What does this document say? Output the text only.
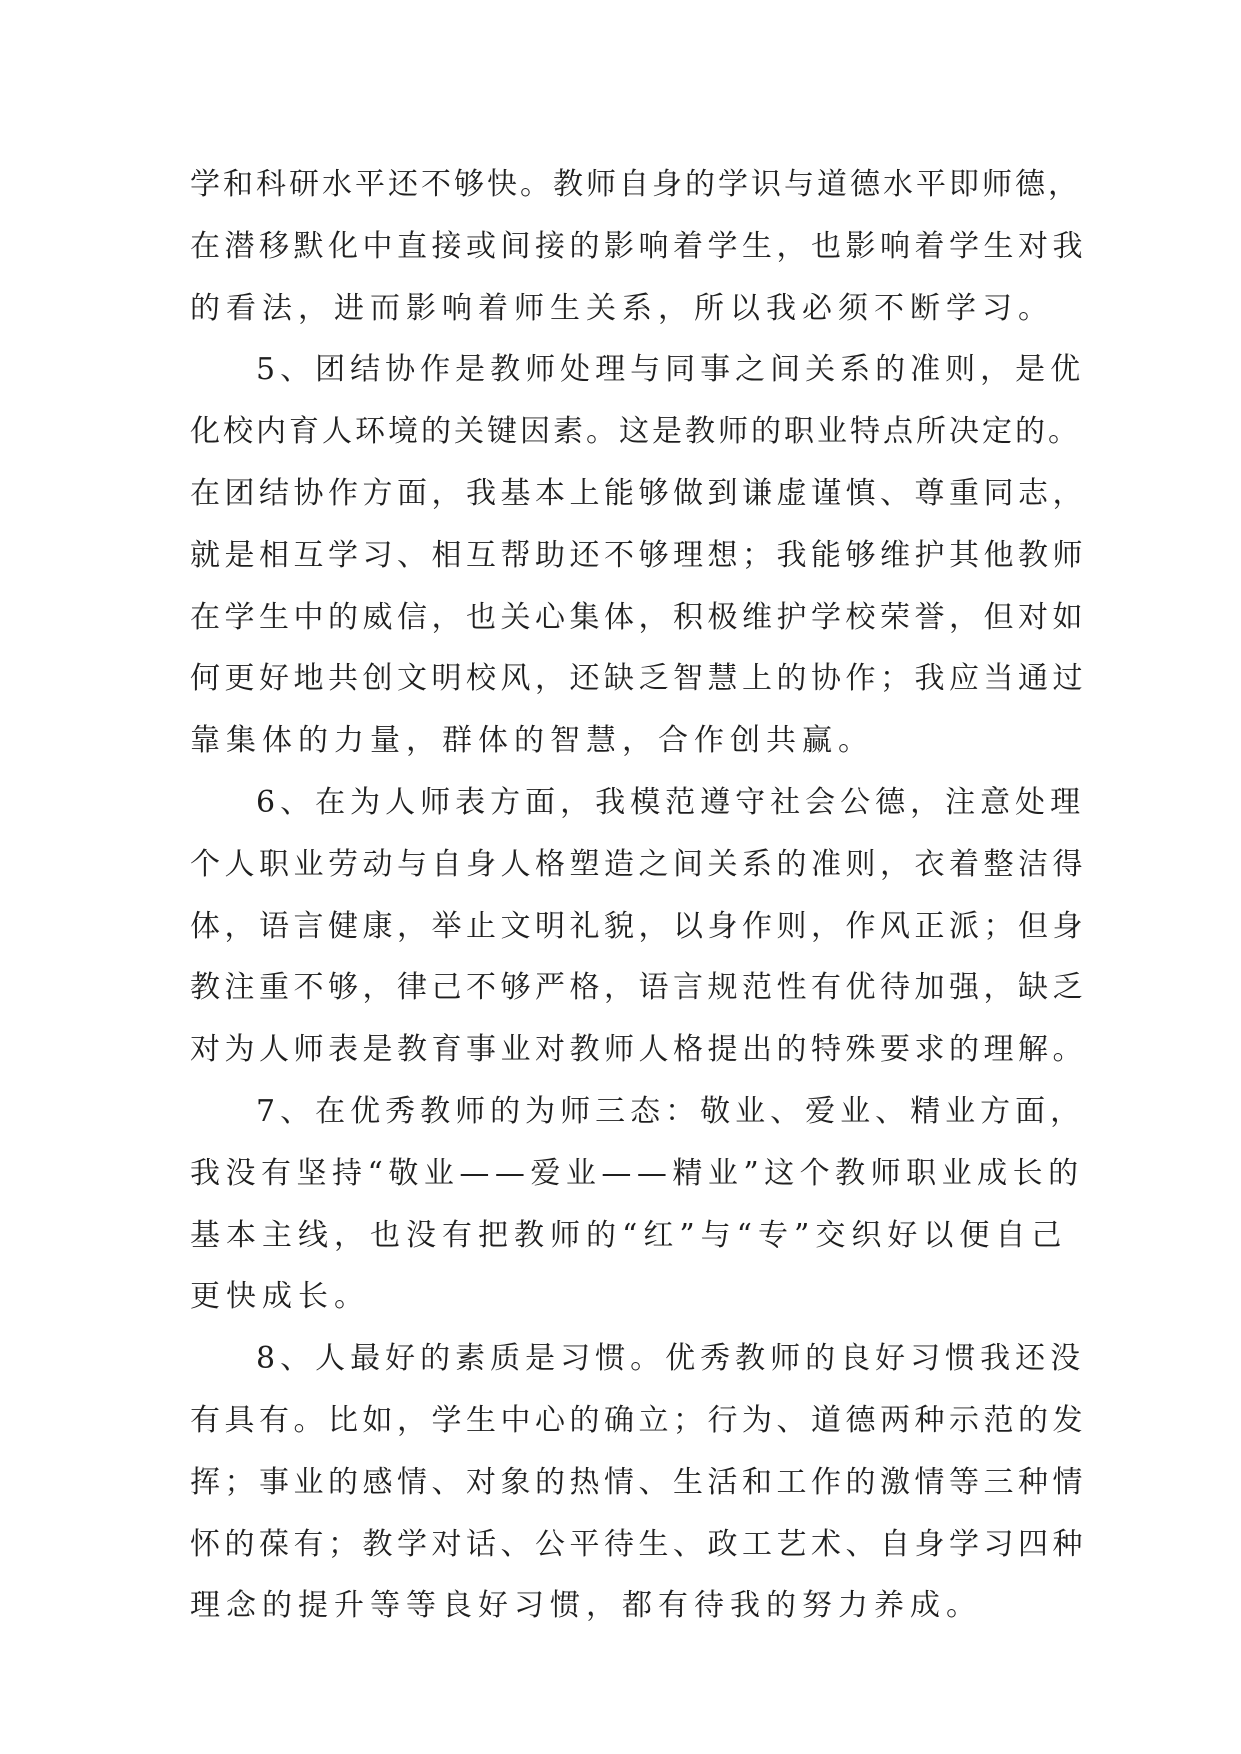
学和科研水平还不够快。教师自身的学识与道德水平即师德，
在潜移默化中直接或间接的影响着学生，也影响着学生对我
的看法，进而影响着师生关系，所以我必须不断学习。
5、团结协作是教师处理与同事之间关系的准则，是优
化校内育人环境的关键因素。这是教师的职业特点所决定的。
在团结协作方面，我基本上能够做到谦虚谨慎、尊重同志，
就是相互学习、相互帮助还不够理想；我能够维护其他教师
在学生中的威信，也关心集体，积极维护学校荣誉，但对如
何更好地共创文明校风，还缺乏智慧上的协作；我应当通过
靠集体的力量，群体的智慧，合作创共赢。
6、在为人师表方面，我模范遵守社会公德，注意处理
个人职业劳动与自身人格塑造之间关系的准则，衣着整洁得
体，语言健康，举止文明礼貌，以身作则，作风正派；但身
教注重不够，律己不够严格，语言规范性有优待加强，缺乏
对为人师表是教育事业对教师人格提出的特殊要求的理解。
7、在优秀教师的为师三态：敬业、爱业、精业方面，
我没有坚持“敬业——爱业——精业”这个教师职业成长的
基本主线，也没有把教师的“红”与“专”交织好以便自己
更快成长。
8、人最好的素质是习惯。优秀教师的良好习惯我还没
有具有。比如，学生中心的确立；行为、道德两种示范的发
挥；事业的感情、对象的热情、生活和工作的激情等三种情
怀的葆有；教学对话、公平待生、政工艺术、自身学习四种
理念的提升等等良好习惯，都有待我的努力养成。
